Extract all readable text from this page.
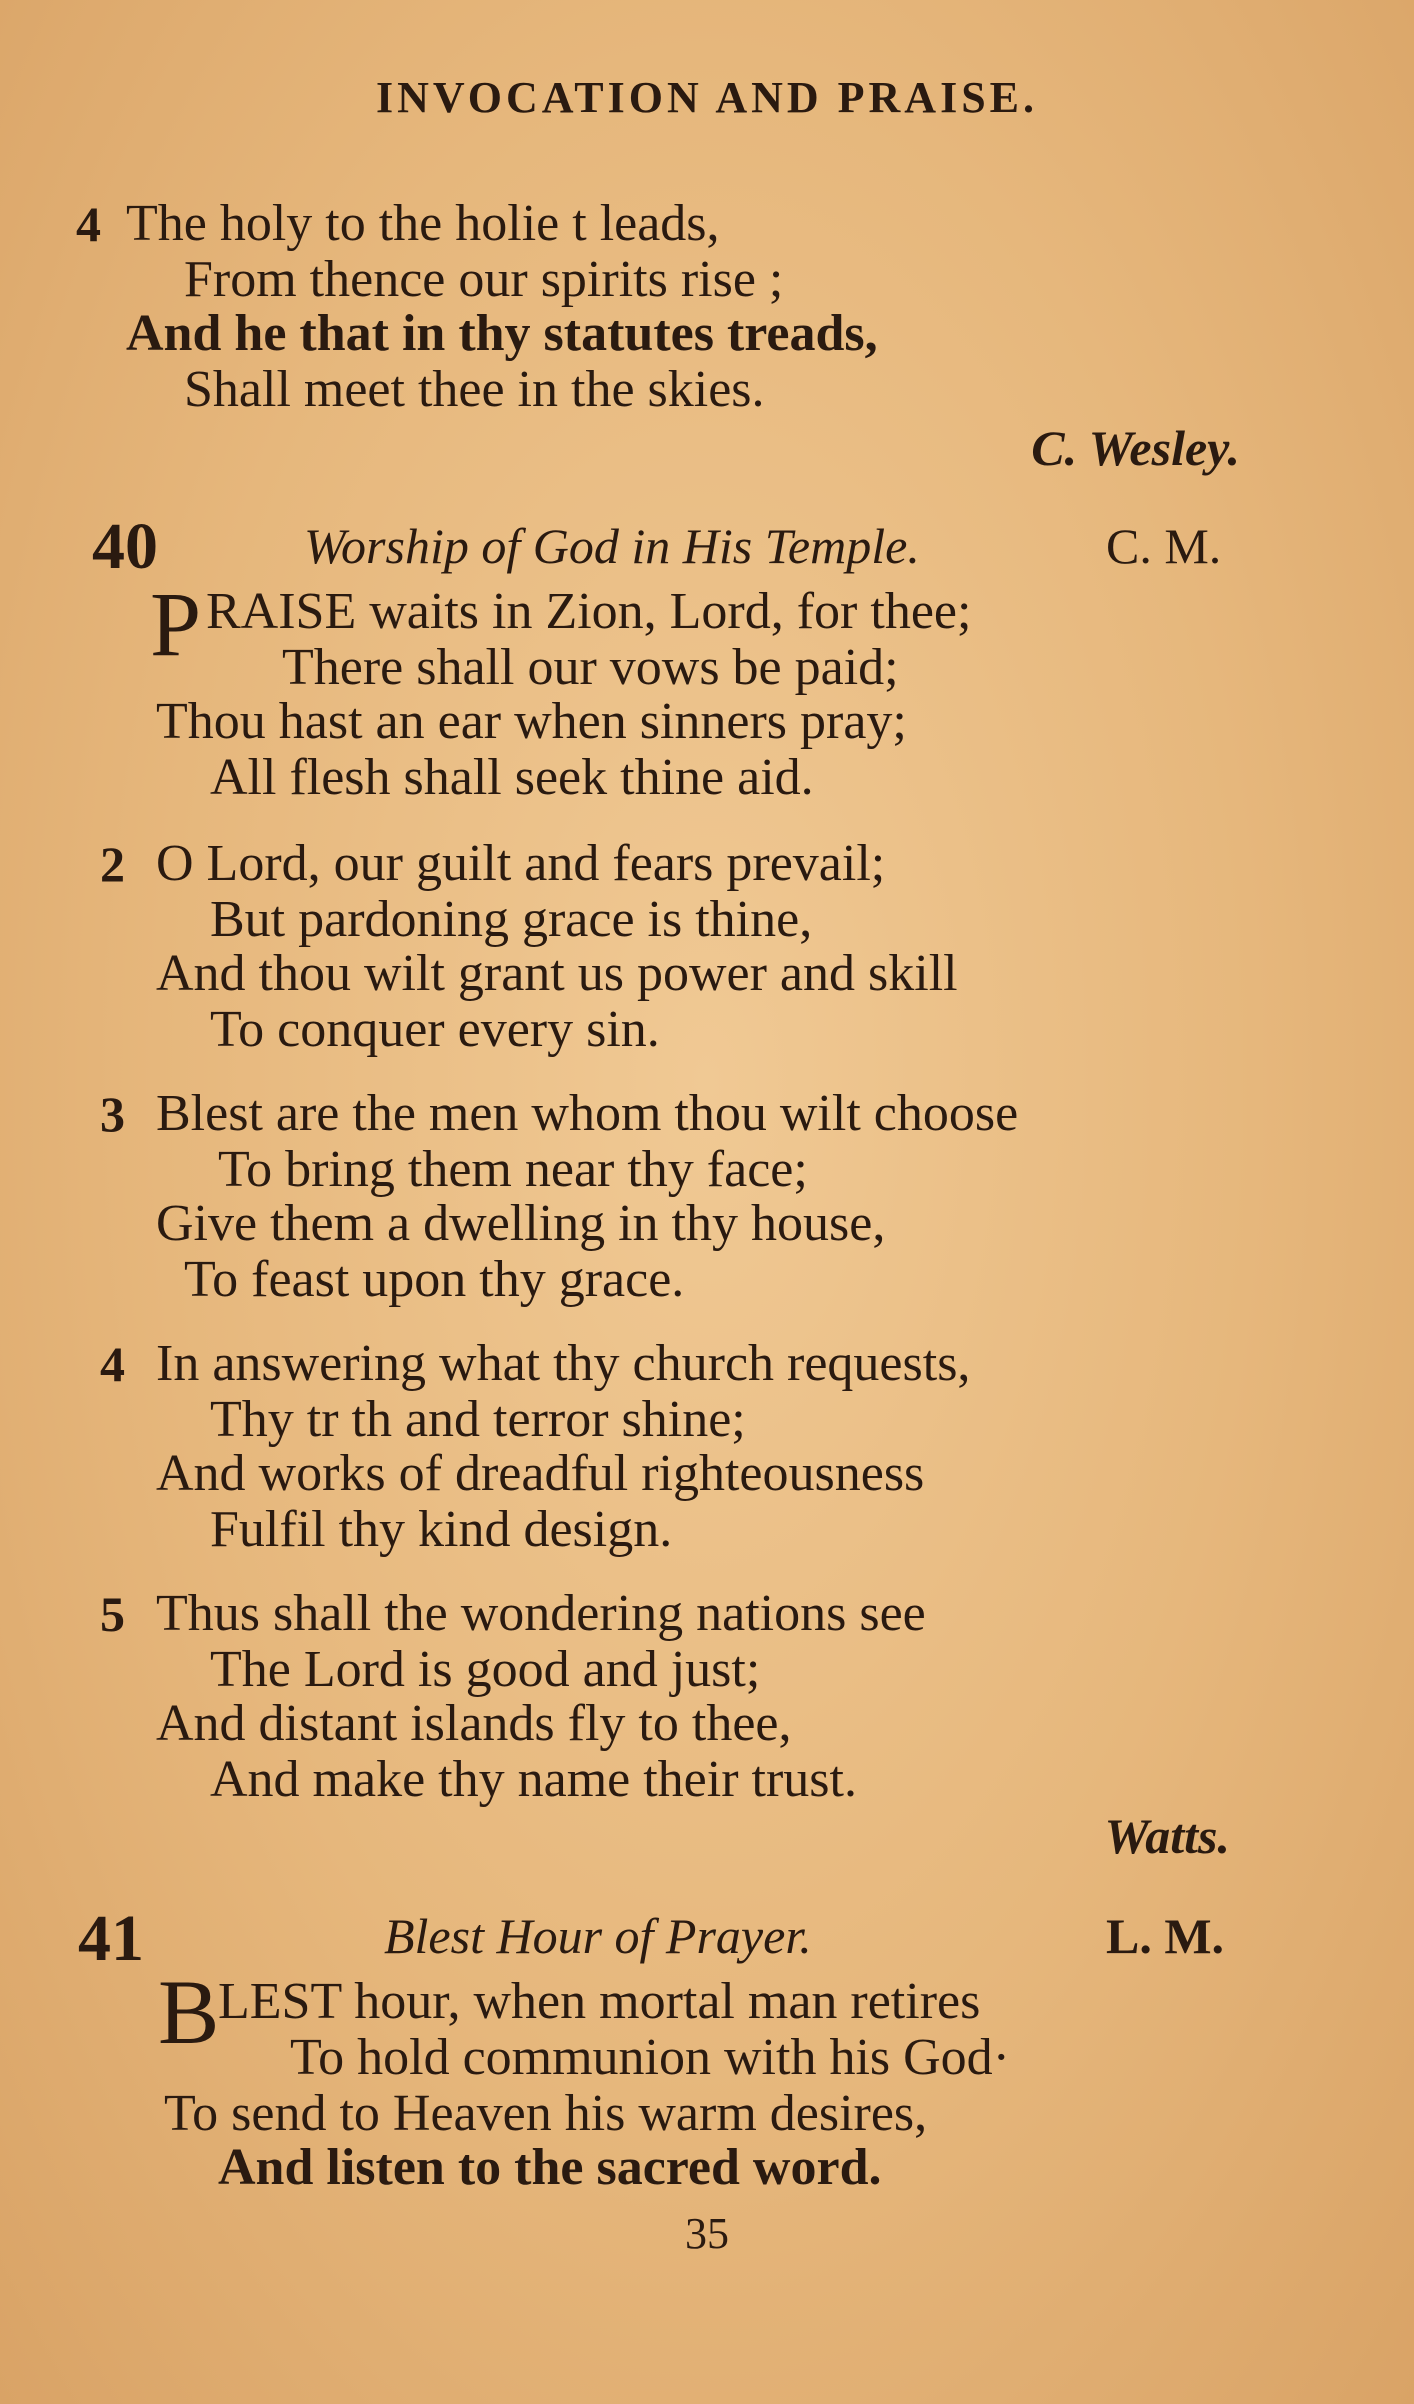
INVOCATION AND PRAISE.
4 The holy to the holie t leads,
From thence our spirits rise ;
And he that in thy statutes treads,
Shall meet thee in the skies.
C. Wesley.
40	Worship of God in His Temple.	C. M.
P RAISE waits in Zion, Lord, for thee;
There shall our vows be paid;
Thou hast an ear when sinners pray;
All flesh shall seek thine aid.
2 O Lord, our guilt and fears prevail;
But pardoning grace is thine,
And thou wilt grant us power and skill
To conquer every sin.
3 Blest are the men whom thou wilt choose
To bring them near thy face;
Give them a dwelling in thy house,
To feast upon thy grace.
4 In answering what thy church requests,
Thy tr th and terror shine;
And works of dreadful righteousness
Fulfil thy kind design.
5 Thus shall the wondering nations see
The Lord is good and just;
And distant islands fly to thee,
And make thy name their trust.
Watts.
41	Blest Hour of Prayer.	L. M.
B
LEST hour, when mortal man retires
To hold communion with his God·
To send to Heaven his warm desires,
And listen to the sacred word.
35
